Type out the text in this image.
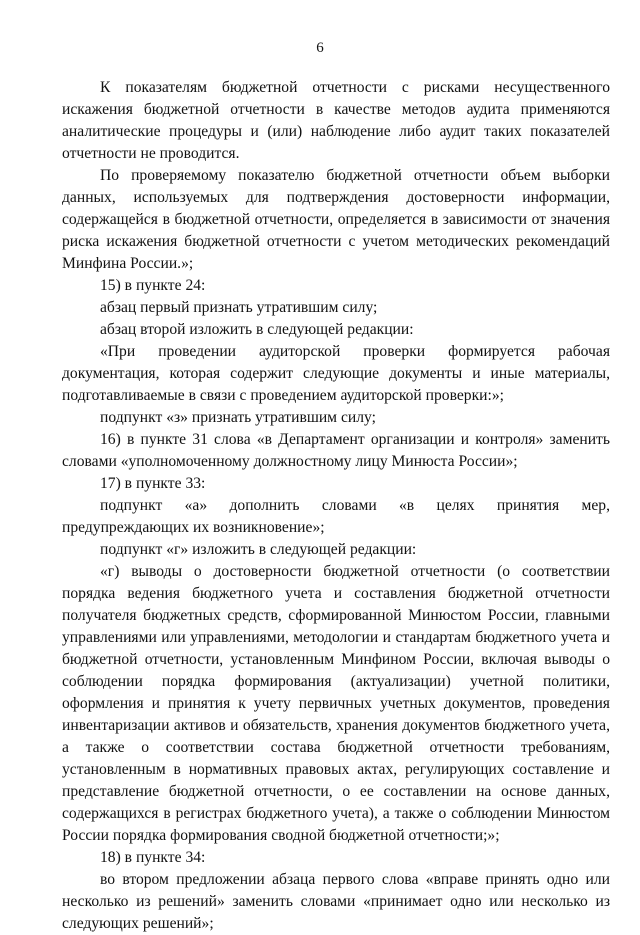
6

К показателям бюджетной отчетности с рисками несущественного искажения бюджетной отчетности в качестве методов аудита применяются аналитические процедуры и (или) наблюдение либо аудит таких показателей отчетности не проводится.

По проверяемому показателю бюджетной отчетности объем выборки данных, используемых для подтверждения достоверности информации, содержащейся в бюджетной отчетности, определяется в зависимости от значения риска искажения бюджетной отчетности с учетом методических рекомендаций Минфина России.»;

15) в пункте 24:

абзац первый признать утратившим силу;

абзац второй изложить в следующей редакции:

«При проведении аудиторской проверки формируется рабочая документация, которая содержит следующие документы и иные материалы, подготавливаемые в связи с проведением аудиторской проверки:»;

подпункт «з» признать утратившим силу;

16) в пункте 31 слова «в Департамент организации и контроля» заменить словами «уполномоченному должностному лицу Минюста России»;

17) в пункте 33:

подпункт «а» дополнить словами «в целях принятия мер, предупреждающих их возникновение»;

подпункт «г» изложить в следующей редакции:

«г) выводы о достоверности бюджетной отчетности (о соответствии порядка ведения бюджетного учета и составления бюджетной отчетности получателя бюджетных средств, сформированной Минюстом России, главными управлениями или управлениями, методологии и стандартам бюджетного учета и бюджетной отчетности, установленным Минфином России, включая выводы о соблюдении порядка формирования (актуализации) учетной политики, оформления и принятия к учету первичных учетных документов, проведения инвентаризации активов и обязательств, хранения документов бюджетного учета, а также о соответствии состава бюджетной отчетности требованиям, установленным в нормативных правовых актах, регулирующих составление и представление бюджетной отчетности, о ее составлении на основе данных, содержащихся в регистрах бюджетного учета), а также о соблюдении Минюстом России порядка формирования сводной бюджетной отчетности;»;

18) в пункте 34:

во втором предложении абзаца первого слова «вправе принять одно или несколько из решений» заменить словами «принимает одно или несколько из следующих решений»;
